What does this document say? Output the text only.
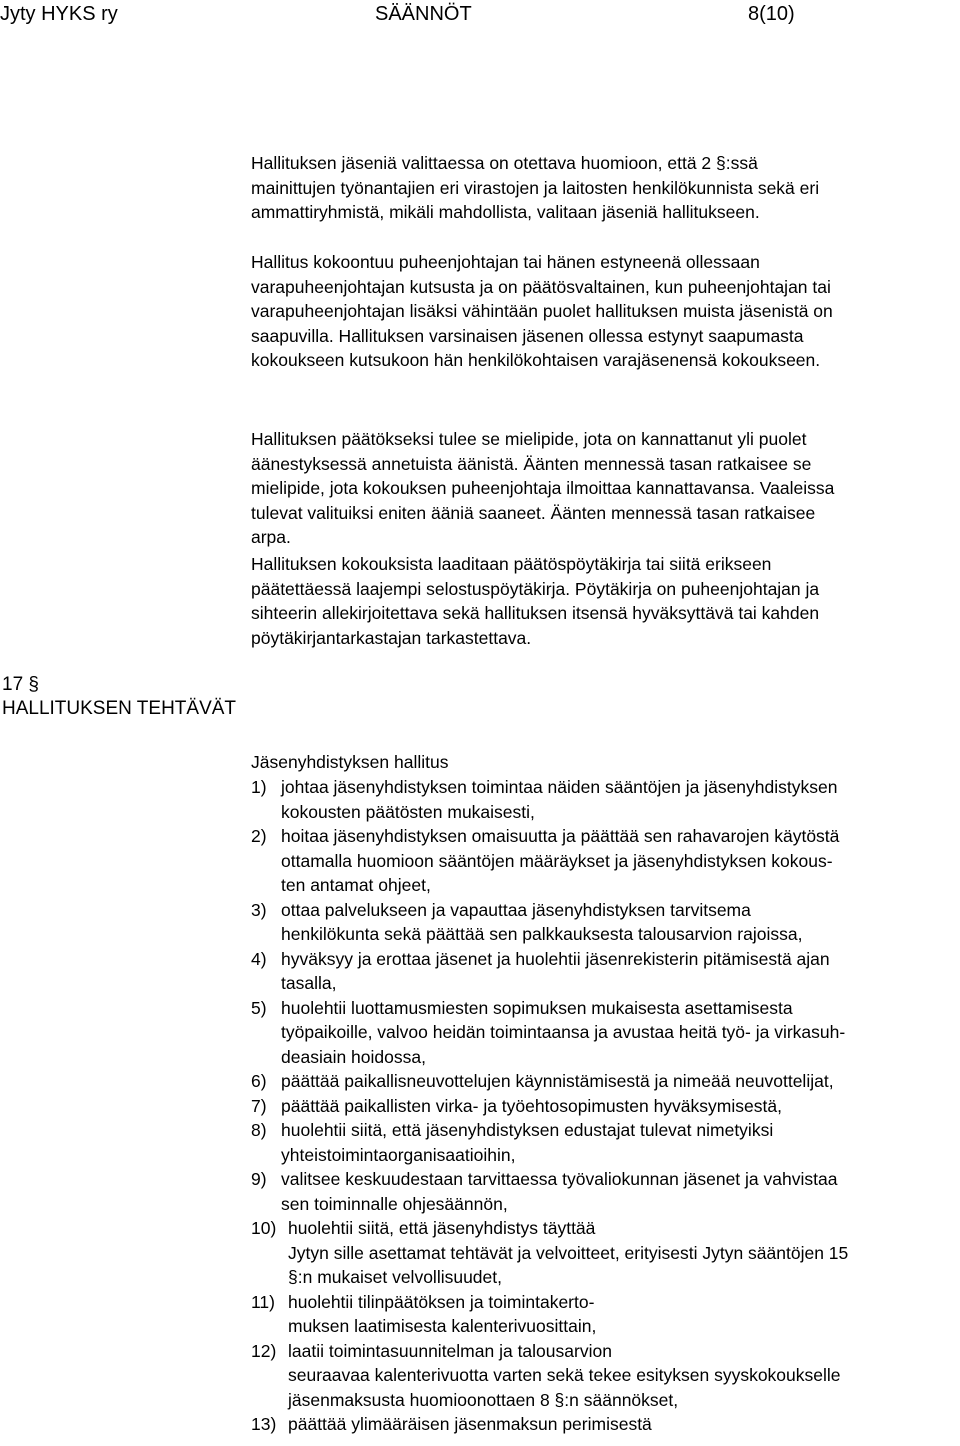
Jyty HYKS ry	SÄÄNNÖT	8(10)

Hallituksen jäseniä valittaessa on otettava huomioon, että 2 §:ssä
mainittujen työnantajien eri virastojen ja laitosten henkilökunnista sekä eri
ammattiryhmistä, mikäli mahdollista, valitaan jäseniä hallitukseen.

Hallitus kokoontuu puheenjohtajan tai hänen estyneenä ollessaan
varapuheenjohtajan kutsusta ja on päätösvaltainen, kun puheenjohtajan tai
varapuheenjohtajan lisäksi vähintään puolet hallituksen muista jäsenistä on
saapuvilla. Hallituksen varsinaisen jäsenen ollessa estynyt saapumasta
kokoukseen kutsukoon hän henkilökohtaisen varajäsenensä kokoukseen.

Hallituksen päätökseksi tulee se mielipide, jota on kannattanut yli puolet
äänestyksessä annetuista äänistä. Äänten mennessä tasan ratkaisee se
mielipide, jota kokouksen puheenjohtaja ilmoittaa kannattavansa. Vaaleissa
tulevat valituiksi eniten ääniä saaneet. Äänten mennessä tasan ratkaisee
arpa.

Hallituksen kokouksista laaditaan päätöspöytäkirja tai siitä erikseen
päätettäessä laajempi selostuspöytäkirja. Pöytäkirja on puheenjohtajan ja
sihteerin allekirjoitettava sekä hallituksen itsensä hyväksyttävä tai kahden
pöytäkirjantarkastajan tarkastettava.

17 §
HALLITUKSEN TEHTÄVÄT
Jäsenyhdistyksen hallitus
1) johtaa jäsenyhdistyksen toimintaa näiden sääntöjen ja jäsenyhdistyksen
kokousten päätösten mukaisesti,
2) hoitaa jäsenyhdistyksen omaisuutta ja päättää sen rahavarojen käytöstä
ottamalla huomioon sääntöjen määräykset ja jäsenyhdistyksen kokous-
ten antamat ohjeet,
3) ottaa palvelukseen ja vapauttaa jäsenyhdistyksen tarvitsema
henkilökunta sekä päättää sen palkkauksesta talousarvion rajoissa,
4) hyväksyy ja erottaa jäsenet ja huolehtii jäsenrekisterin pitämisestä ajan
tasalla,
5) huolehtii luottamusmiesten sopimuksen mukaisesta asettamisesta
työpaikoille, valvoo heidän toimintaansa ja avustaa heitä työ- ja virkasuh-
deasiain hoidossa,
6) päättää paikallisneuvottelujen käynnistämisestä ja nimeää neuvottelijat,
7) päättää paikallisten virka- ja työehtosopimusten hyväksymisestä,
8) huolehtii siitä, että jäsenyhdistyksen edustajat tulevat nimetyiksi
yhteistoimintaorganisaatioihin,
9) valitsee keskuudestaan tarvittaessa työvaliokunnan jäsenet ja vahvistaa
sen toiminnalle ohjesäännön,
10) huolehtii siitä, että jäsenyhdistys täyttää
Jytyn sille asettamat tehtävät ja velvoitteet, erityisesti Jytyn sääntöjen 15
§:n mukaiset velvollisuudet,
11) huolehtii tilinpäätöksen ja toimintakerto-
muksen laatimisesta kalenterivuosittain,
12) laatii toimintasuunnitelman ja talousarvion
seuraavaa kalenterivuotta varten sekä tekee esityksen syyskokoukselle
jäsenmaksusta huomioonottaen 8 §:n säännökset,
13) päättää ylimääräisen jäsenmaksun perimisestä
